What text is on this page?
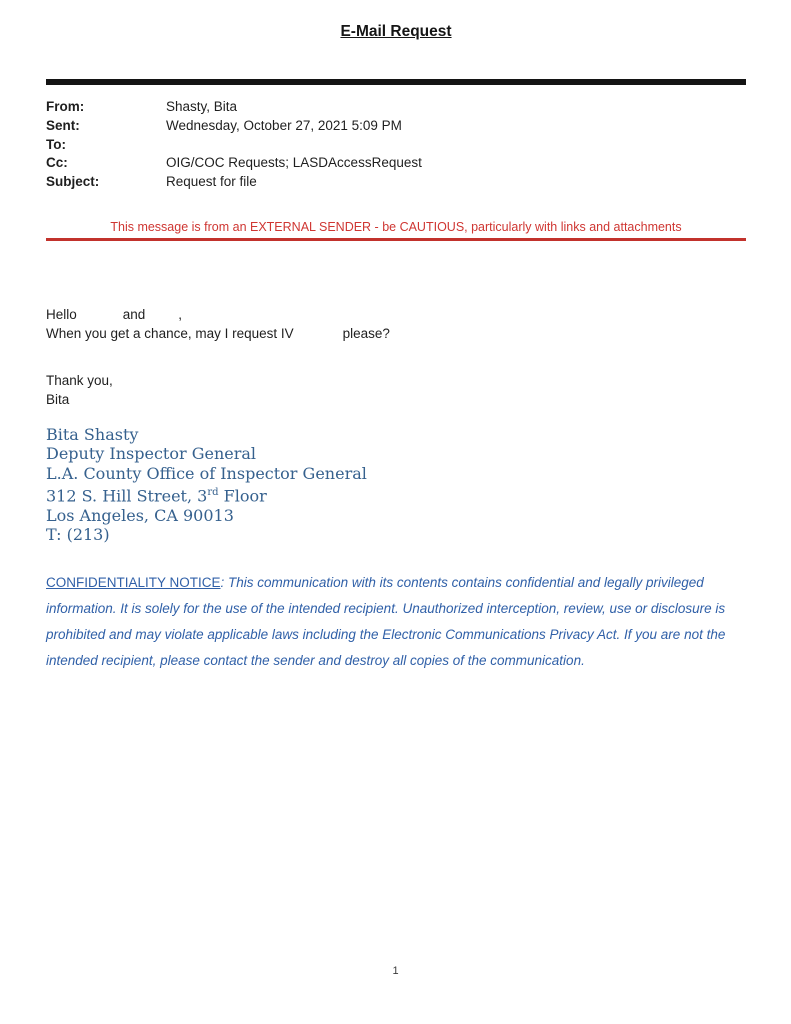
E-Mail Request
From:	Shasty, Bita
Sent:	Wednesday, October 27, 2021 5:09 PM
To:
Cc:	OIG/COC Requests; LASDAccessRequest
Subject:	Request for file
This message is from an EXTERNAL SENDER - be CAUTIOUS, particularly with links and attachments
Hello	and ,
When you get a chance, may I request IV	please?
Thank you,
Bita
Bita Shasty
Deputy Inspector General
L.A. County Office of Inspector General
312 S. Hill Street, 3rd Floor
Los Angeles, CA 90013
T: (213)
CONFIDENTIALITY NOTICE: This communication with its contents contains confidential and legally privileged information. It is solely for the use of the intended recipient. Unauthorized interception, review, use or disclosure is prohibited and may violate applicable laws including the Electronic Communications Privacy Act. If you are not the intended recipient, please contact the sender and destroy all copies of the communication.
1
